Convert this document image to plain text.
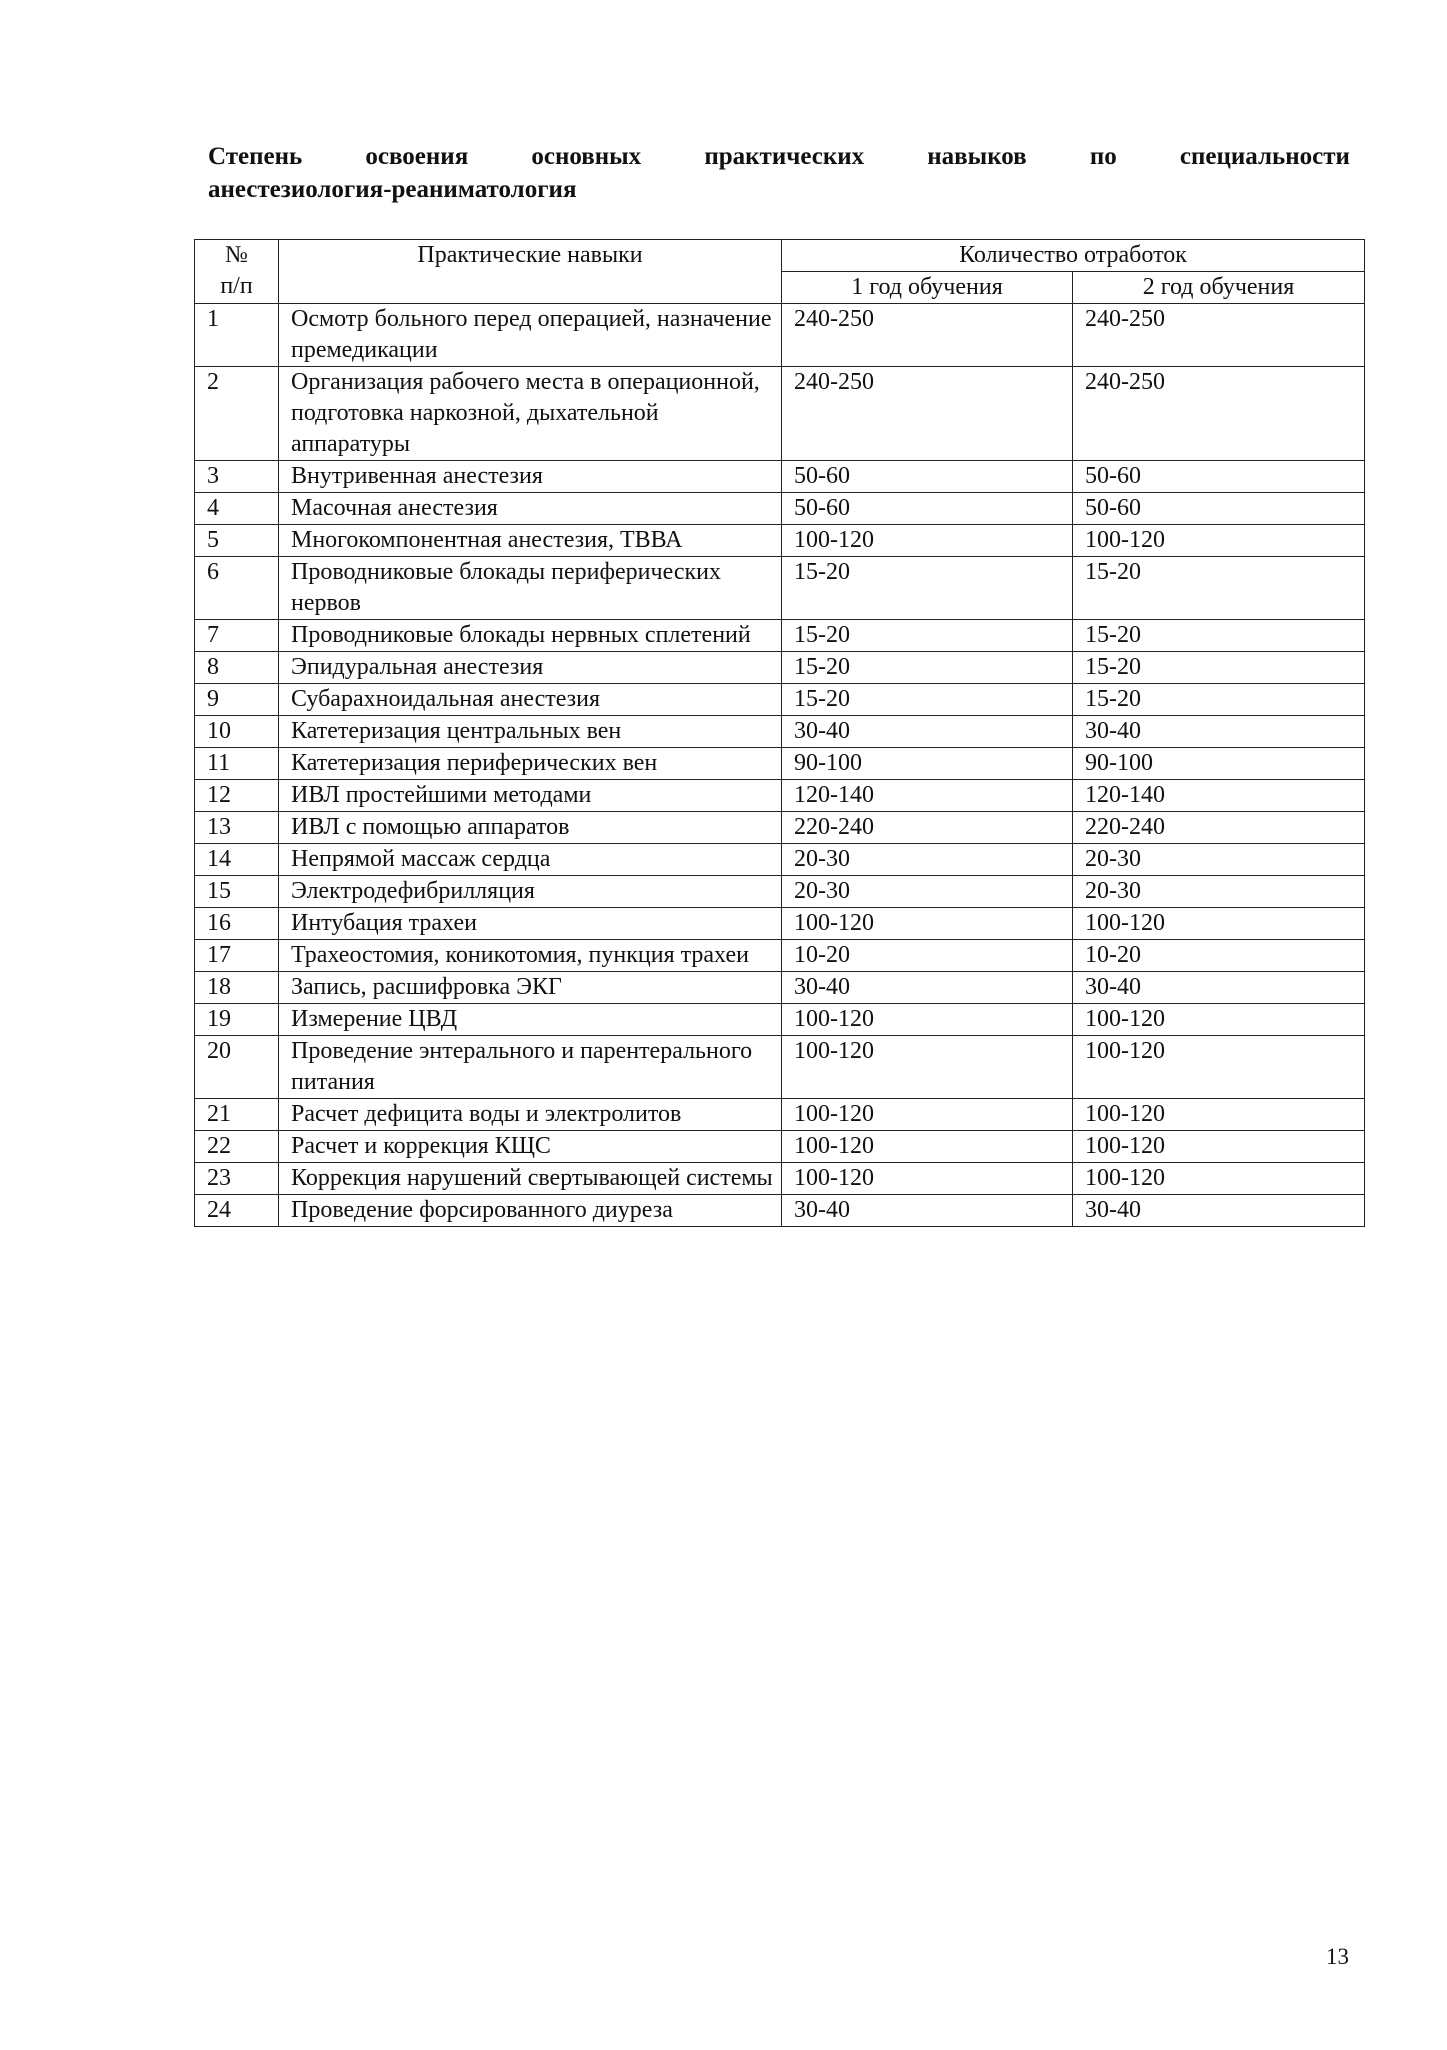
Степень	освоения	основных	практических	навыков	по	специальности
анестезиология-реаниматология
№
п/п	Практические навыки	Количество отработок	
		1 год обучения	2 год обучения
1	Осмотр больного перед операцией, назначение премедикации	240-250	240-250
2	Организация рабочего места в операционной, подготовка наркозной, дыхательной аппаратуры	240-250	240-250
3	Внутривенная анестезия	50-60	50-60
4	Масочная анестезия	50-60	50-60
5	Многокомпонентная анестезия, ТВВА	100-120	100-120
6	Проводниковые блокады периферических нервов	15-20	15-20
7	Проводниковые блокады нервных сплетений	15-20	15-20
8	Эпидуральная анестезия	15-20	15-20
9	Субарахноидальная анестезия	15-20	15-20
10	Катетеризация центральных вен	30-40	30-40
11	Катетеризация периферических вен	90-100	90-100
12	ИВЛ простейшими методами	120-140	120-140
13	ИВЛ с помощью аппаратов	220-240	220-240
14	Непрямой массаж сердца	20-30	20-30
15	Электродефибрилляция	20-30	20-30
16	Интубация трахеи	100-120	100-120
17	Трахеостомия, коникотомия, пункция трахеи	10-20	10-20
18	Запись, расшифровка ЭКГ	30-40	30-40
19	Измерение ЦВД	100-120	100-120
20	Проведение энтерального и парентерального питания	100-120	100-120
21	Расчет дефицита воды и электролитов	100-120	100-120
22	Расчет и коррекция КЩС	100-120	100-120
23	Коррекция нарушений свертывающей системы	100-120	100-120
24	Проведение форсированного диуреза	30-40	30-40
13
